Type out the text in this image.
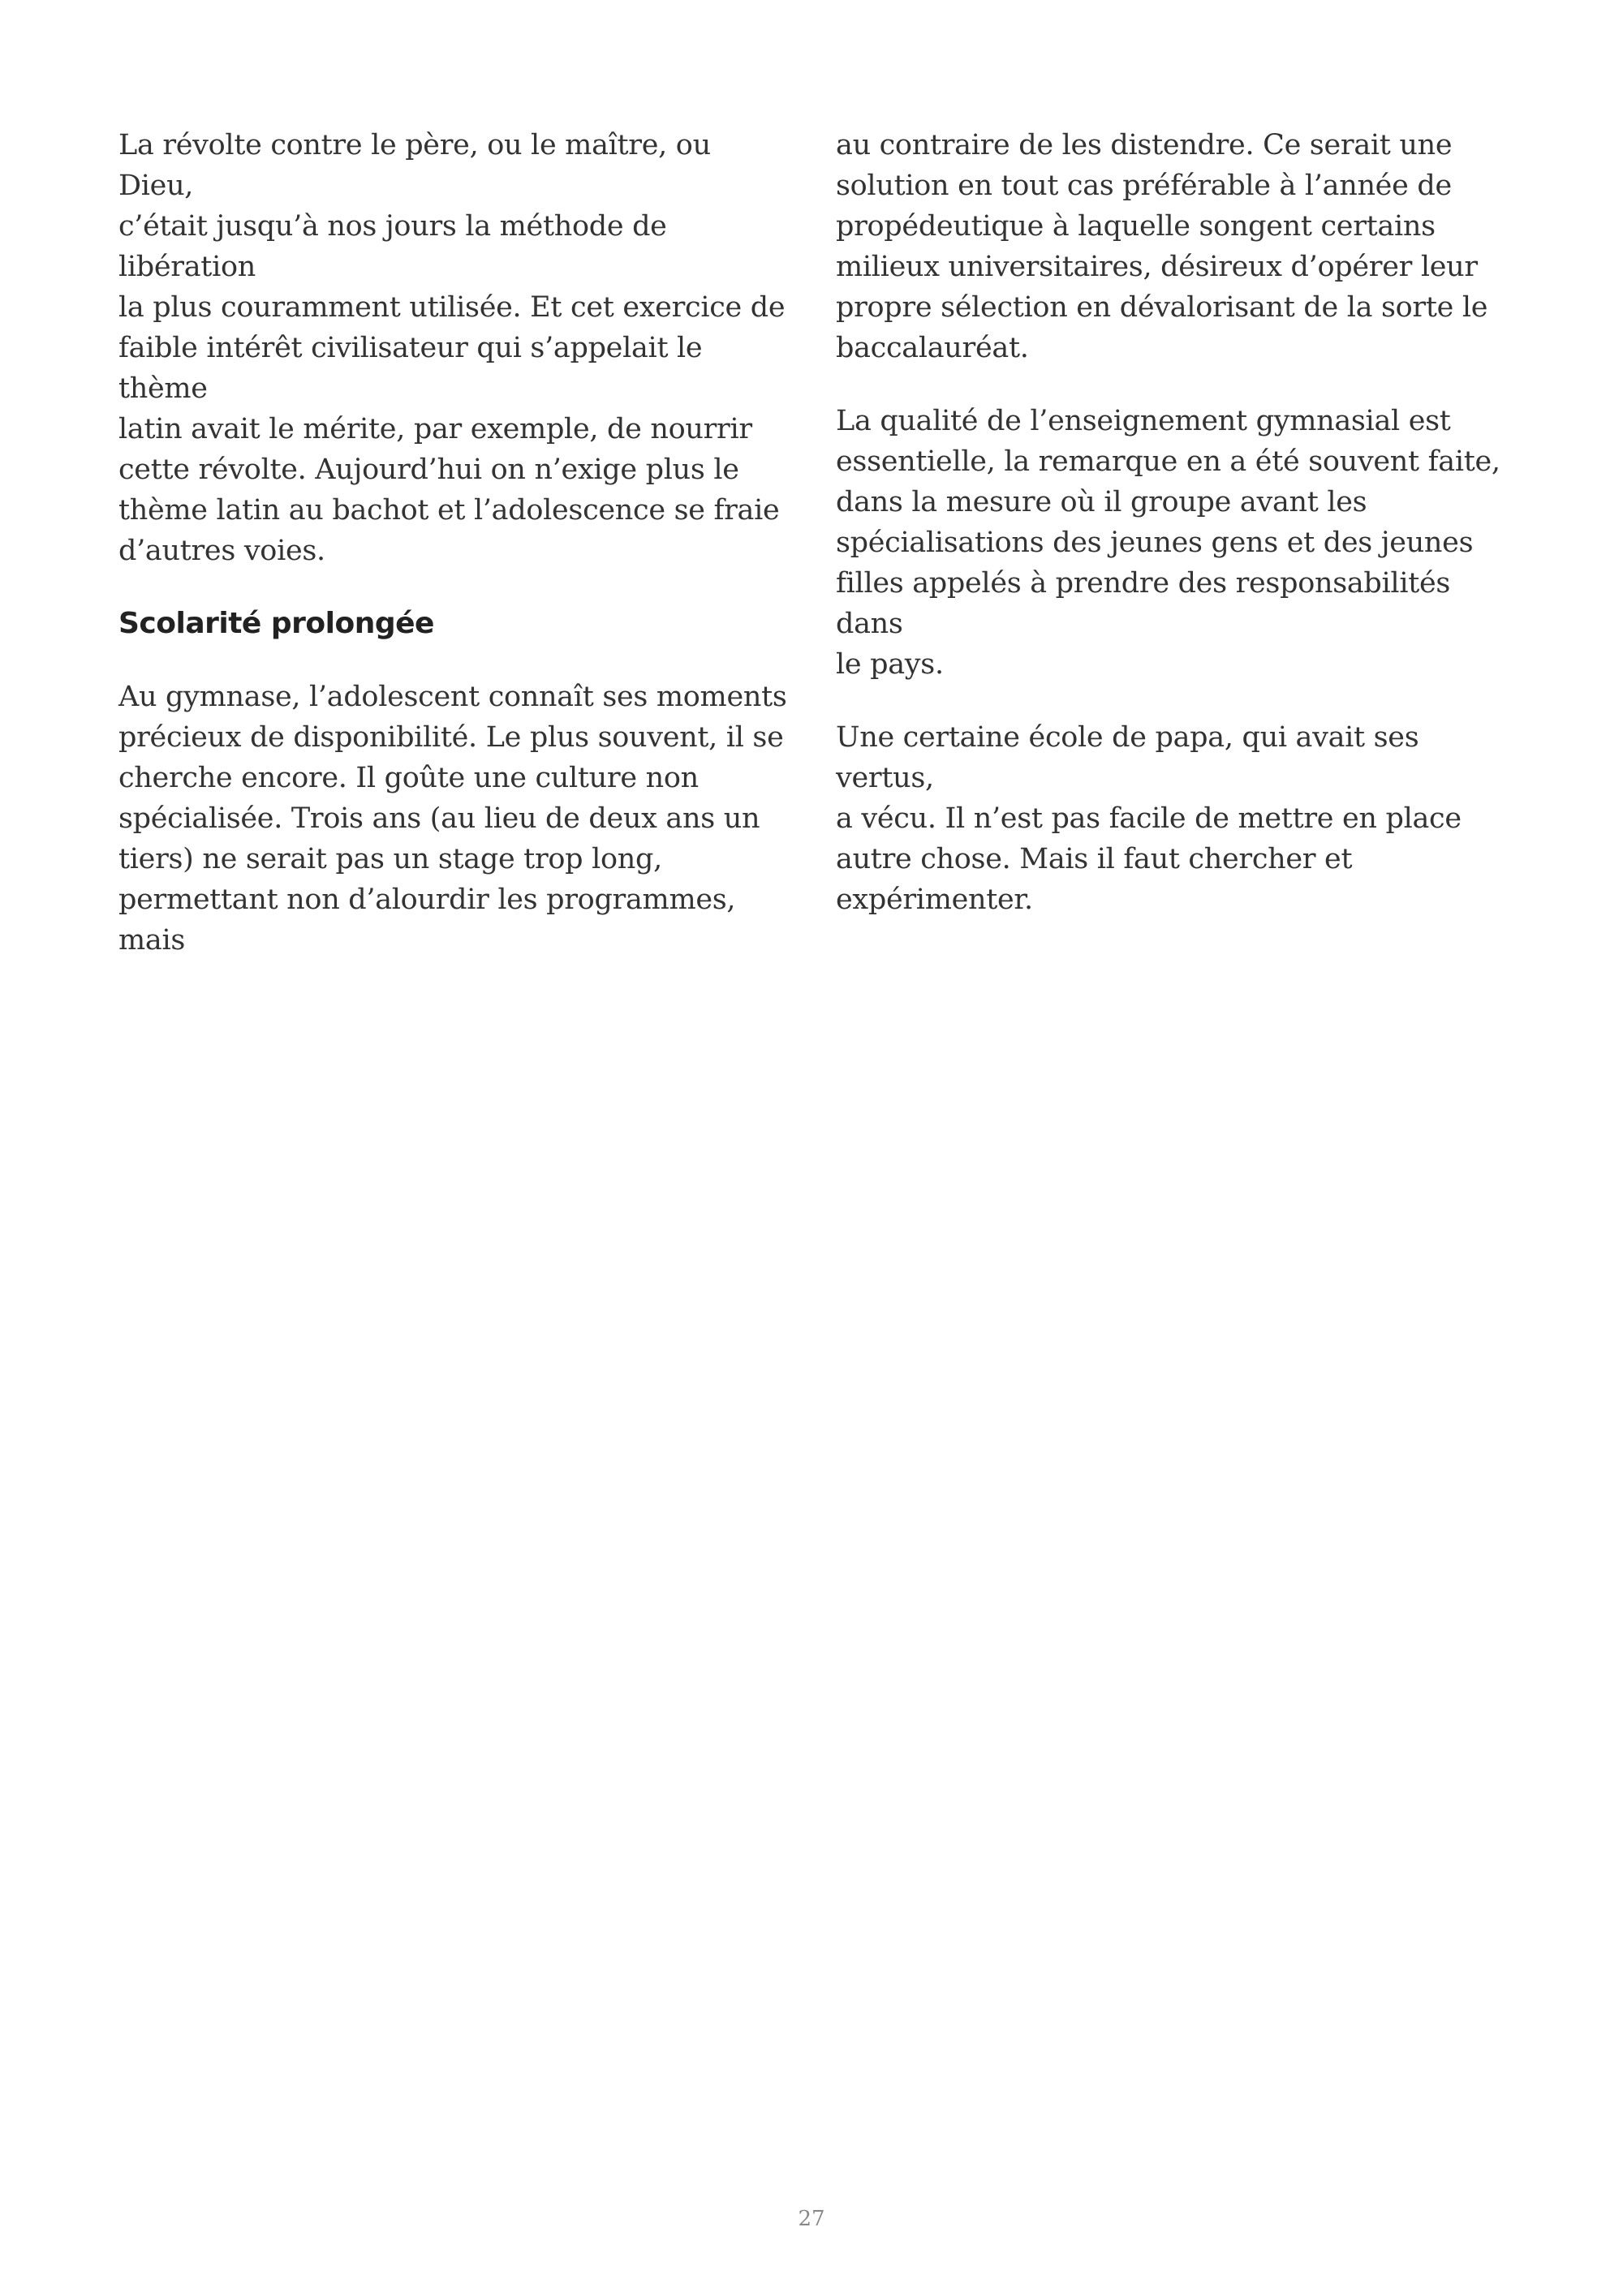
La révolte contre le père, ou le maître, ou Dieu,
c’était jusqu’à nos jours la méthode de libération
la plus couramment utilisée. Et cet exercice de
faible intérêt civilisateur qui s’appelait le thème
latin avait le mérite, par exemple, de nourrir
cette révolte. Aujourd’hui on n’exige plus le
thème latin au bachot et l’adolescence se fraie
d’autres voies.

Scolarité prolongée

Au gymnase, l’adolescent connaît ses moments
précieux de disponibilité. Le plus souvent, il se
cherche encore. Il goûte une culture non
spécialisée. Trois ans (au lieu de deux ans un
tiers) ne serait pas un stage trop long,
permettant non d’alourdir les programmes, mais

au contraire de les distendre. Ce serait une
solution en tout cas préférable à l’année de
propédeutique à laquelle songent certains
milieux universitaires, désireux d’opérer leur
propre sélection en dévalorisant de la sorte le
baccalauréat.

La qualité de l’enseignement gymnasial est
essentielle, la remarque en a été souvent faite,
dans la mesure où il groupe avant les
spécialisations des jeunes gens et des jeunes
filles appelés à prendre des responsabilités dans
le pays.

Une certaine école de papa, qui avait ses vertus,
a vécu. Il n’est pas facile de mettre en place
autre chose. Mais il faut chercher et
expérimenter.

27
